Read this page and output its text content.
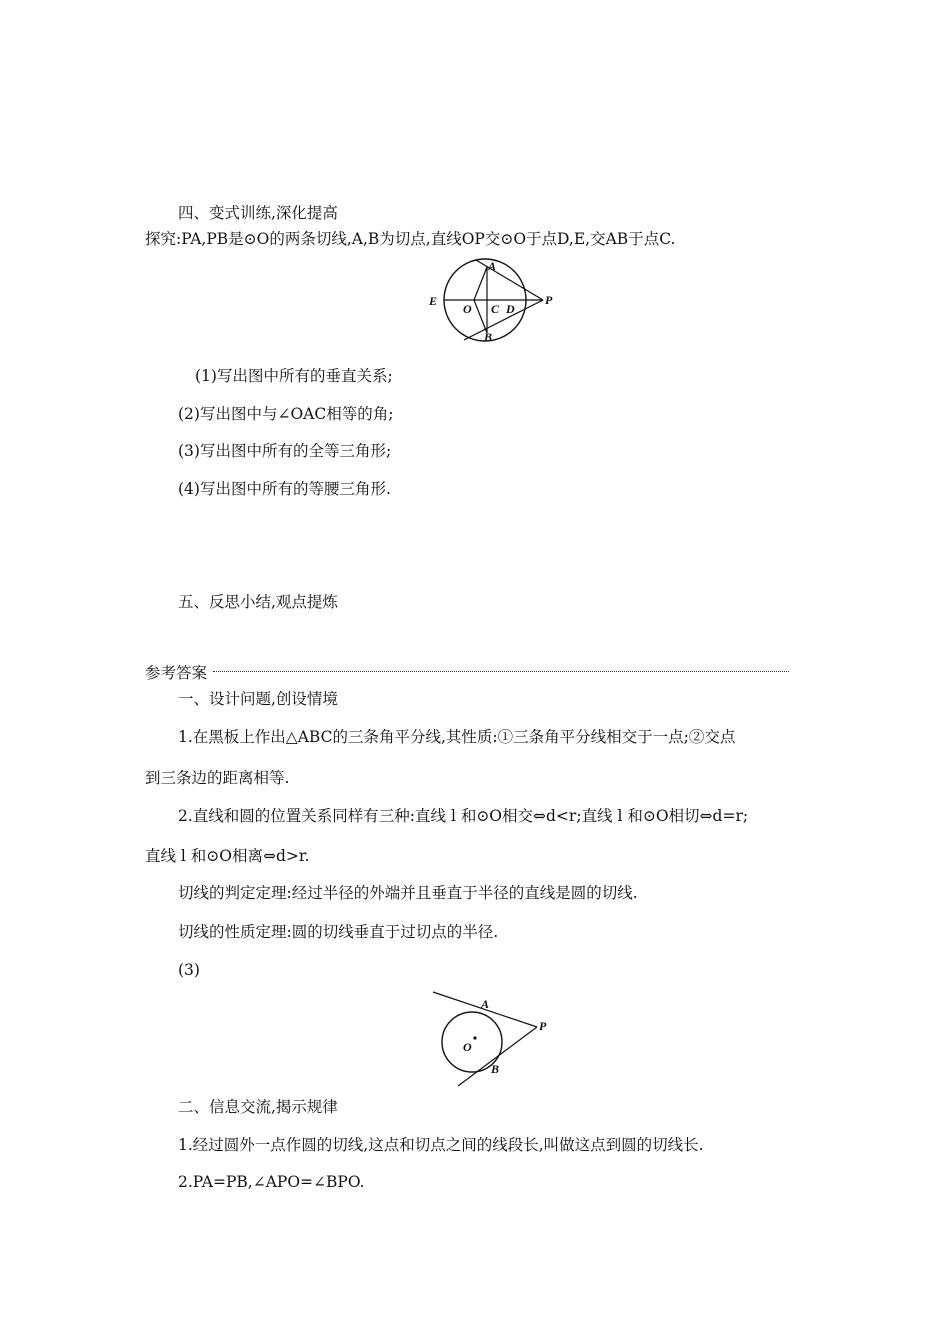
四、变式训练,深化提高
探究:PA,PB是⊙O的两条切线,A,B为切点,直线OP交⊙O于点D,E,交AB于点C.
A
B
C D
E
O
P
(1)写出图中所有的垂直关系;
(2)写出图中与∠OAC相等的角;
(3)写出图中所有的全等三角形;
(4)写出图中所有的等腰三角形.
五、反思小结,观点提炼
参考答案
一、设计问题,创设情境
1.在黑板上作出△ABC的三条角平分线,其性质:①三条角平分线相交于一点;②交点
到三条边的距离相等.
2.直线和圆的位置关系同样有三种:直线 l 和⊙O相交⇔d<r;直线 l 和⊙O相切⇔d=r;
直线 l 和⊙O相离⇔d>r.
切线的判定定理:经过半径的外端并且垂直于半径的直线是圆的切线.
切线的性质定理:圆的切线垂直于过切点的半径.
(3)
A
B
O
P
二、信息交流,揭示规律
1.经过圆外一点作圆的切线,这点和切点之间的线段长,叫做这点到圆的切线长.
2.PA=PB,∠APO=∠BPO.
